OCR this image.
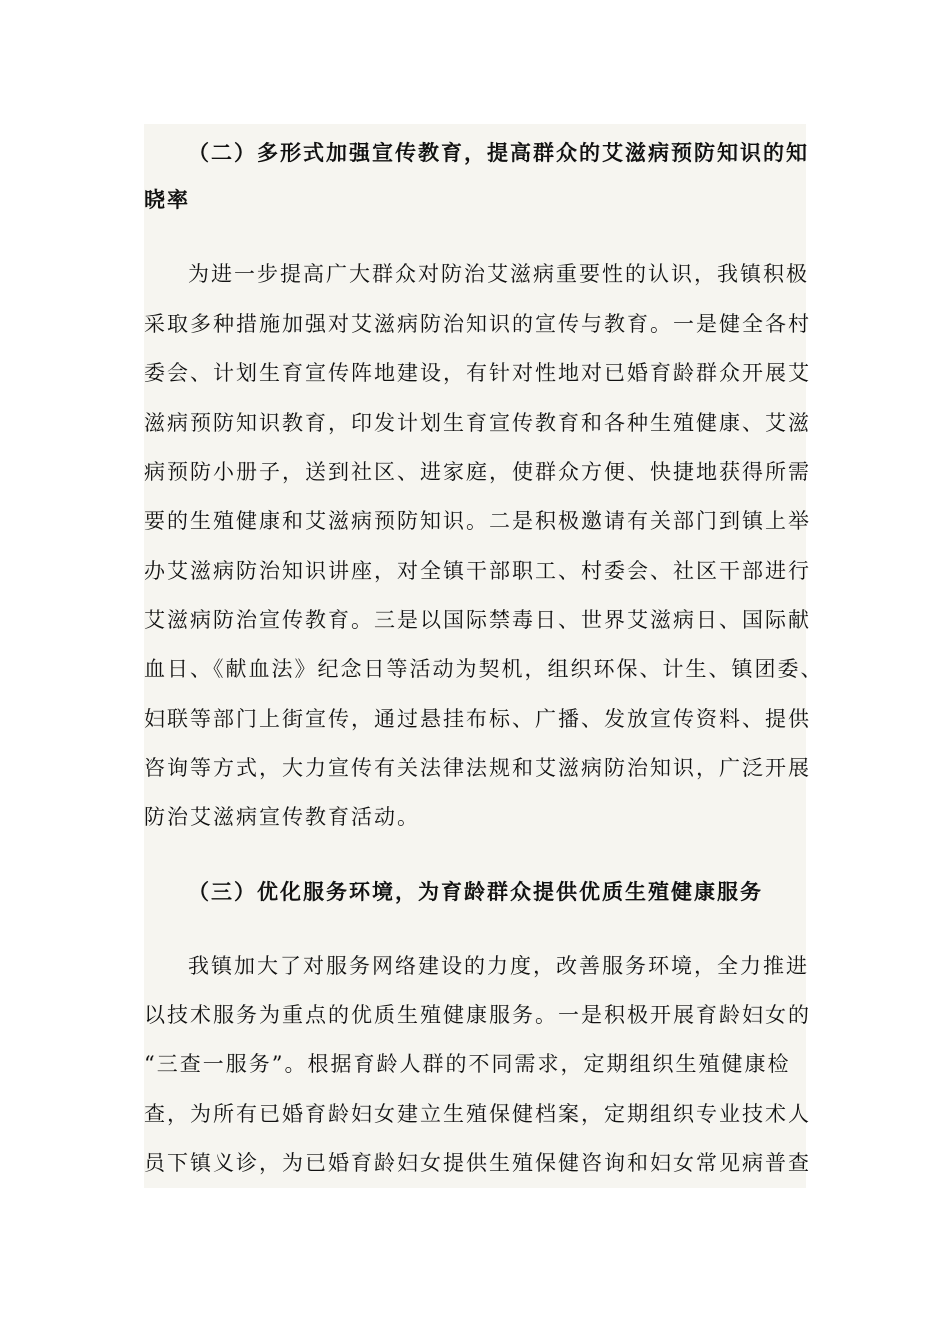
（二）多形式加强宣传教育，提高群众的艾滋病预防知识的知
晓率
为进一步提高广大群众对防治艾滋病重要性的认识，我镇积极
采取多种措施加强对艾滋病防治知识的宣传与教育。一是健全各村
委会、计划生育宣传阵地建设，有针对性地对已婚育龄群众开展艾
滋病预防知识教育，印发计划生育宣传教育和各种生殖健康、艾滋
病预防小册子，送到社区、进家庭，使群众方便、快捷地获得所需
要的生殖健康和艾滋病预防知识。二是积极邀请有关部门到镇上举
办艾滋病防治知识讲座，对全镇干部职工、村委会、社区干部进行
艾滋病防治宣传教育。三是以国际禁毒日、世界艾滋病日、国际献
血日、《献血法》纪念日等活动为契机，组织环保、计生、镇团委、
妇联等部门上街宣传，通过悬挂布标、广播、发放宣传资料、提供
咨询等方式，大力宣传有关法律法规和艾滋病防治知识，广泛开展
防治艾滋病宣传教育活动。
（三）优化服务环境，为育龄群众提供优质生殖健康服务
我镇加大了对服务网络建设的力度，改善服务环境，全力推进
以技术服务为重点的优质生殖健康服务。一是积极开展育龄妇女的
“三查一服务”。根据育龄人群的不同需求，定期组织生殖健康检
查，为所有已婚育龄妇女建立生殖保健档案，定期组织专业技术人
员下镇义诊，为已婚育龄妇女提供生殖保健咨询和妇女常见病普查
